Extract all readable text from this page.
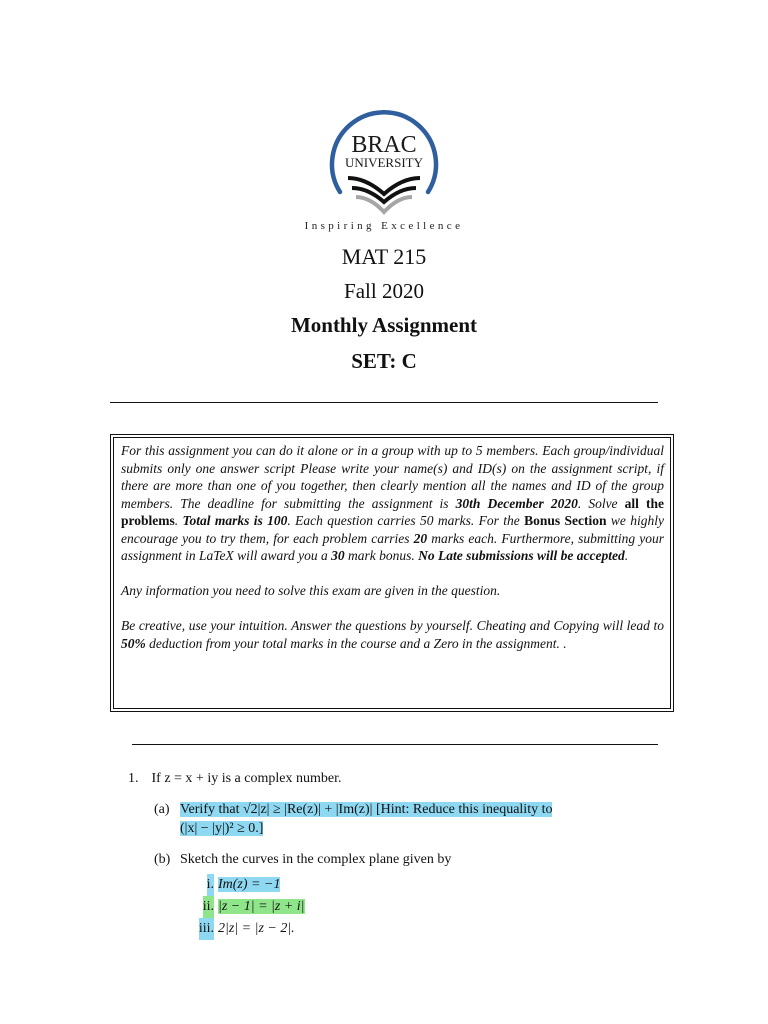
BRAC
UNIVERSITY
Inspiring Excellence
MAT 215
Fall 2020
Monthly Assignment
SET: C

For this assignment you can do it alone or in a group with up to 5 members. Each group/individual submits only one answer script Please write your name(s) and ID(s) on the assignment script, if there are more than one of you together, then clearly mention all the names and ID of the group members. The deadline for submitting the assignment is 30th December 2020. Solve all the problems. Total marks is 100. Each question carries 50 marks. For the Bonus Section we highly encourage you to try them, for each problem carries 20 marks each. Furthermore, submitting your assignment in LaTeX will award you a 30 mark bonus. No Late submissions will be accepted.

Any information you need to solve this exam are given in the question.

Be creative, use your intuition. Answer the questions by yourself. Cheating and Copying will lead to 50% deduction from your total marks in the course and a Zero in the assignment. .

1. If z = x + iy is a complex number.
(a) Verify that √2|z| ≥ |Re(z)| + |Im(z)| [Hint: Reduce this inequality to
(|x| − |y|)² ≥ 0.]
(b) Sketch the curves in the complex plane given by
i. Im(z) = −1
ii. |z − 1| = |z + i|
iii. 2|z| = |z − 2|.
